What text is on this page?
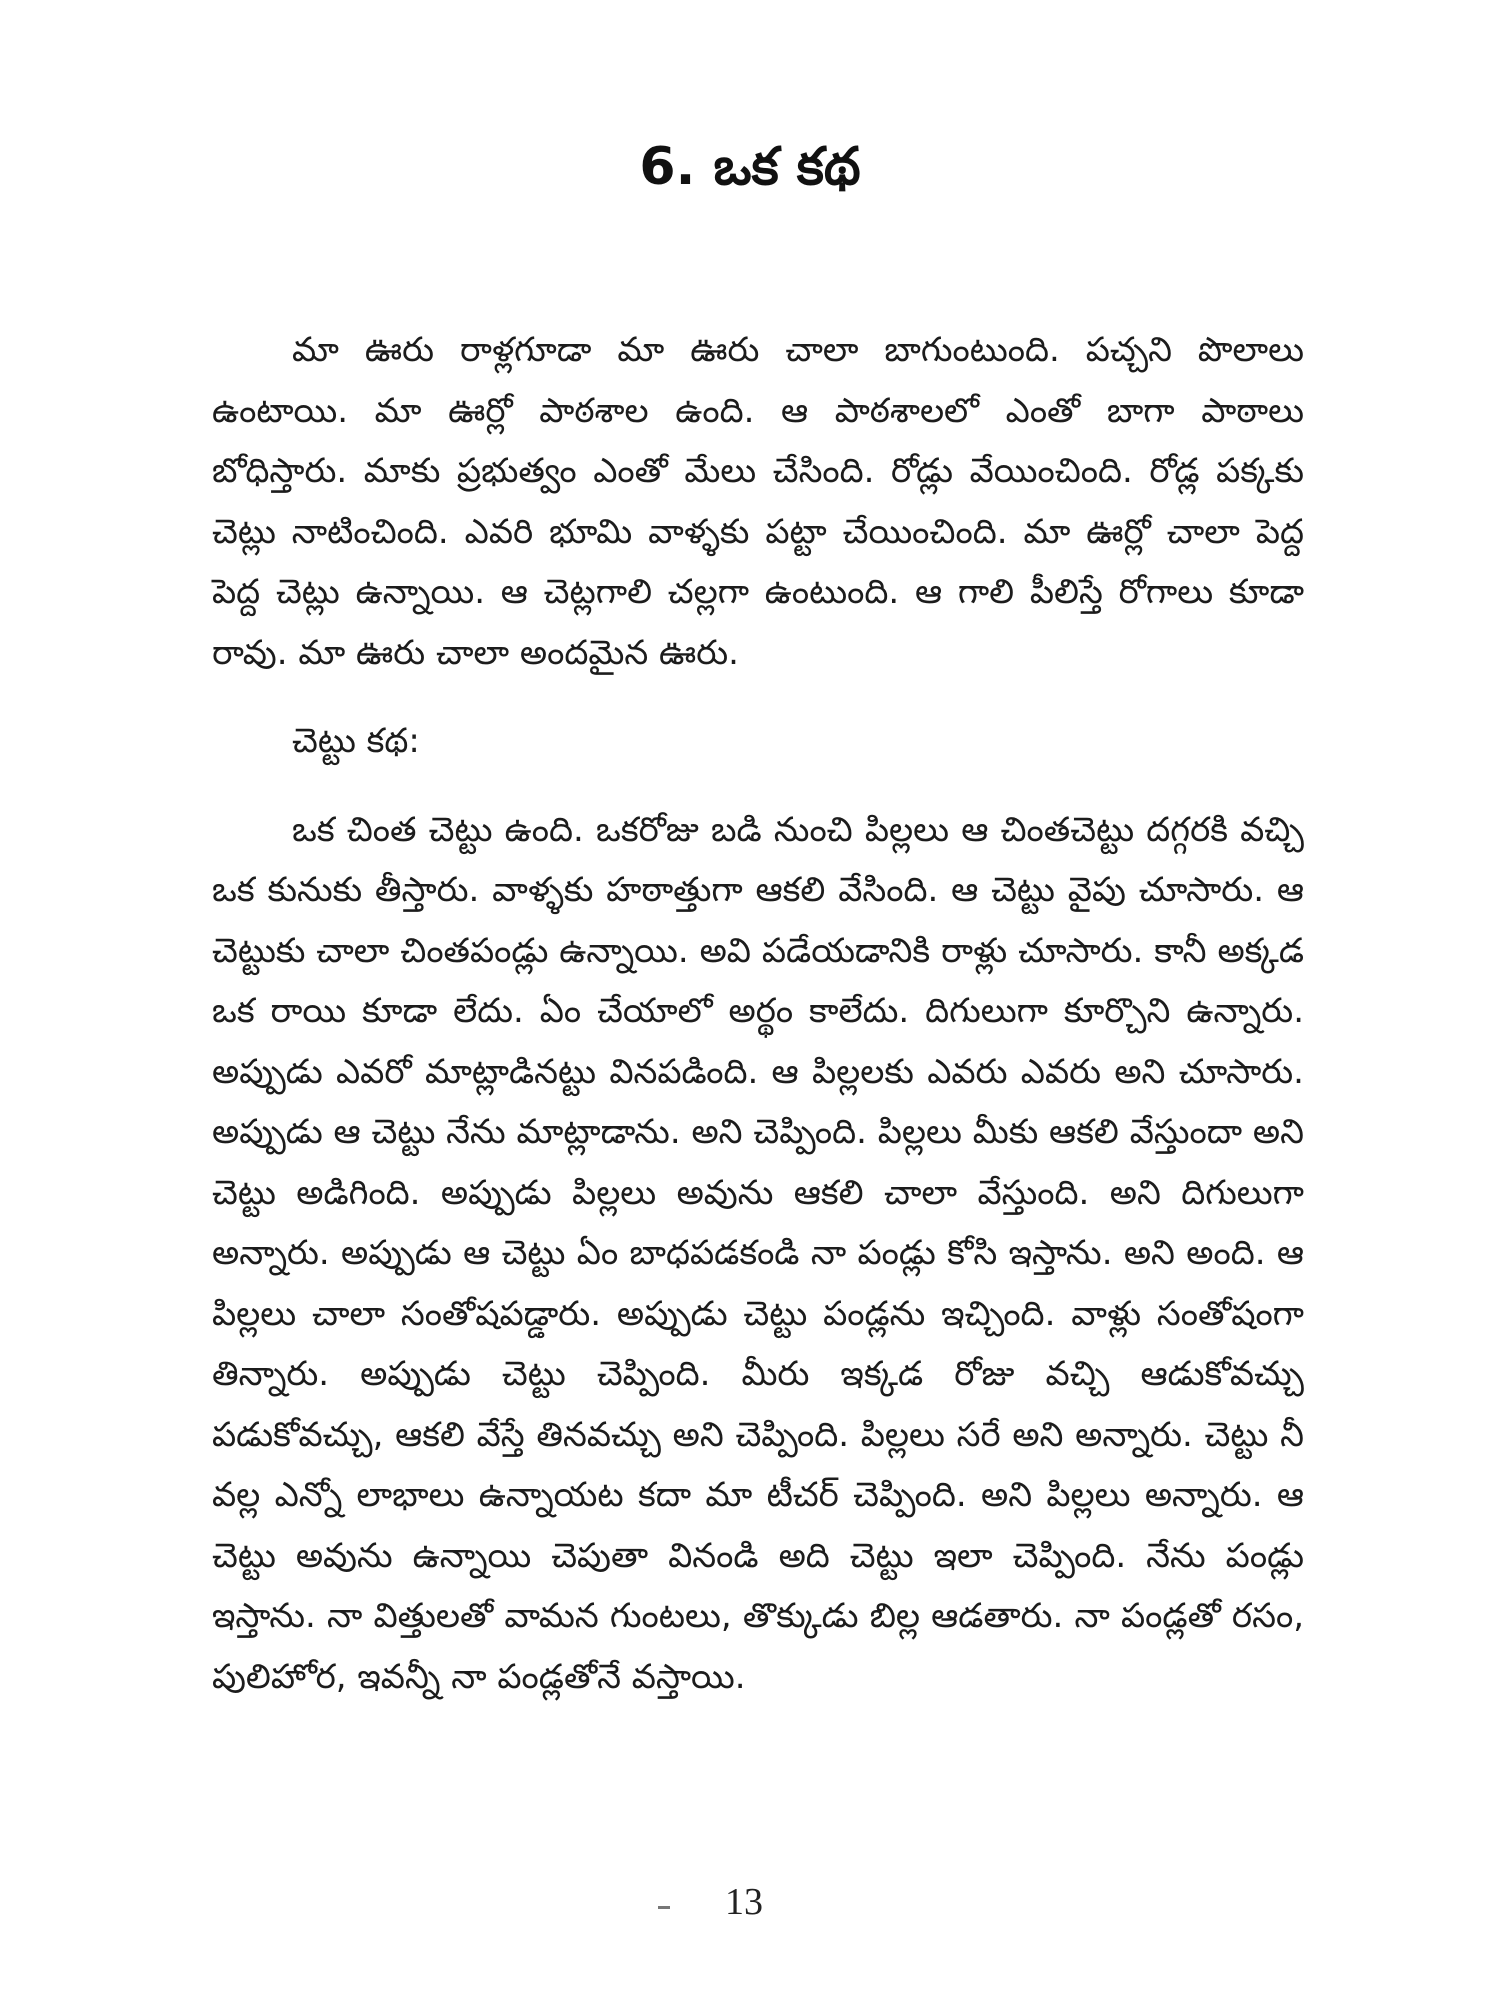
6. ఒక కథ

మా ఊరు రాళ్లగూడా మా ఊరు చాలా బాగుంటుంది. పచ్చని పొలాలు ఉంటాయి. మా ఊర్లో పాఠశాల ఉంది. ఆ పాఠశాలలో ఎంతో బాగా పాఠాలు బోధిస్తారు. మాకు ప్రభుత్వం ఎంతో మేలు చేసింది. రోడ్లు వేయించింది. రోడ్ల పక్కకు చెట్లు నాటించింది. ఎవరి భూమి వాళ్ళకు పట్టా చేయించింది. మా ఊర్లో చాలా పెద్ద పెద్ద చెట్లు ఉన్నాయి. ఆ చెట్లగాలి చల్లగా ఉంటుంది. ఆ గాలి పీలిస్తే రోగాలు కూడా రావు. మా ఊరు చాలా అందమైన ఊరు.

చెట్టు కథ:

ఒక చింత చెట్టు ఉంది. ఒకరోజు బడి నుంచి పిల్లలు ఆ చింతచెట్టు దగ్గరకి వచ్చి ఒక కునుకు తీస్తారు. వాళ్ళకు హఠాత్తుగా ఆకలి వేసింది. ఆ చెట్టు వైపు చూసారు. ఆ చెట్టుకు చాలా చింతపండ్లు ఉన్నాయి. అవి పడేయడానికి రాళ్లు చూసారు. కానీ అక్కడ ఒక రాయి కూడా లేదు. ఏం చేయాలో అర్థం కాలేదు. దిగులుగా కూర్చొని ఉన్నారు. అప్పుడు ఎవరో మాట్లాడినట్టు వినపడింది. ఆ పిల్లలకు ఎవరు ఎవరు అని చూసారు. అప్పుడు ఆ చెట్టు నేను మాట్లాడాను. అని చెప్పింది. పిల్లలు మీకు ఆకలి వేస్తుందా అని చెట్టు అడిగింది. అప్పుడు పిల్లలు అవును ఆకలి చాలా వేస్తుంది. అని దిగులుగా అన్నారు. అప్పుడు ఆ చెట్టు ఏం బాధపడకండి నా పండ్లు కోసి ఇస్తాను. అని అంది. ఆ పిల్లలు చాలా సంతోషపడ్డారు. అప్పుడు చెట్టు పండ్లను ఇచ్చింది. వాళ్లు సంతోషంగా తిన్నారు. అప్పుడు చెట్టు చెప్పింది. మీరు ఇక్కడ రోజు వచ్చి ఆడుకోవచ్చు పడుకోవచ్చు, ఆకలి వేస్తే తినవచ్చు అని చెప్పింది. పిల్లలు సరే అని అన్నారు. చెట్టు నీ వల్ల ఎన్నో లాభాలు ఉన్నాయట కదా మా టీచర్ చెప్పింది. అని పిల్లలు అన్నారు. ఆ చెట్టు అవును ఉన్నాయి చెపుతా వినండి అది చెట్టు ఇలా చెప్పింది. నేను పండ్లు ఇస్తాను. నా విత్తులతో వామన గుంటలు, తొక్కుడు బిల్ల ఆడతారు. నా పండ్లతో రసం, పులిహోర, ఇవన్నీ నా పండ్లతోనే వస్తాయి.

13
